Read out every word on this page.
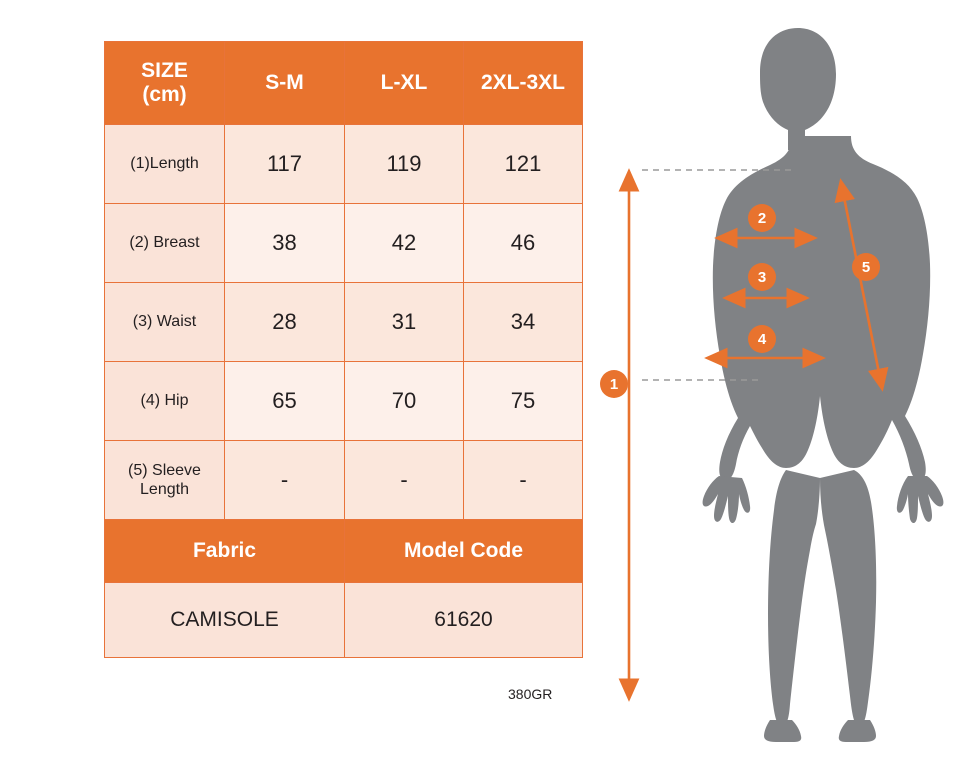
SIZE
(cm)	S-M	L-XL	2XL-3XL
(1)Length	117	119	121
(2) Breast	38	42	46
(3) Waist	28	31	34
(4) Hip	65	70	75

(5) Sleeve
Length	-	-	-
Fabric		Model Code	
CAMISOLE		61620	
380GR
1
2
3
4
5
